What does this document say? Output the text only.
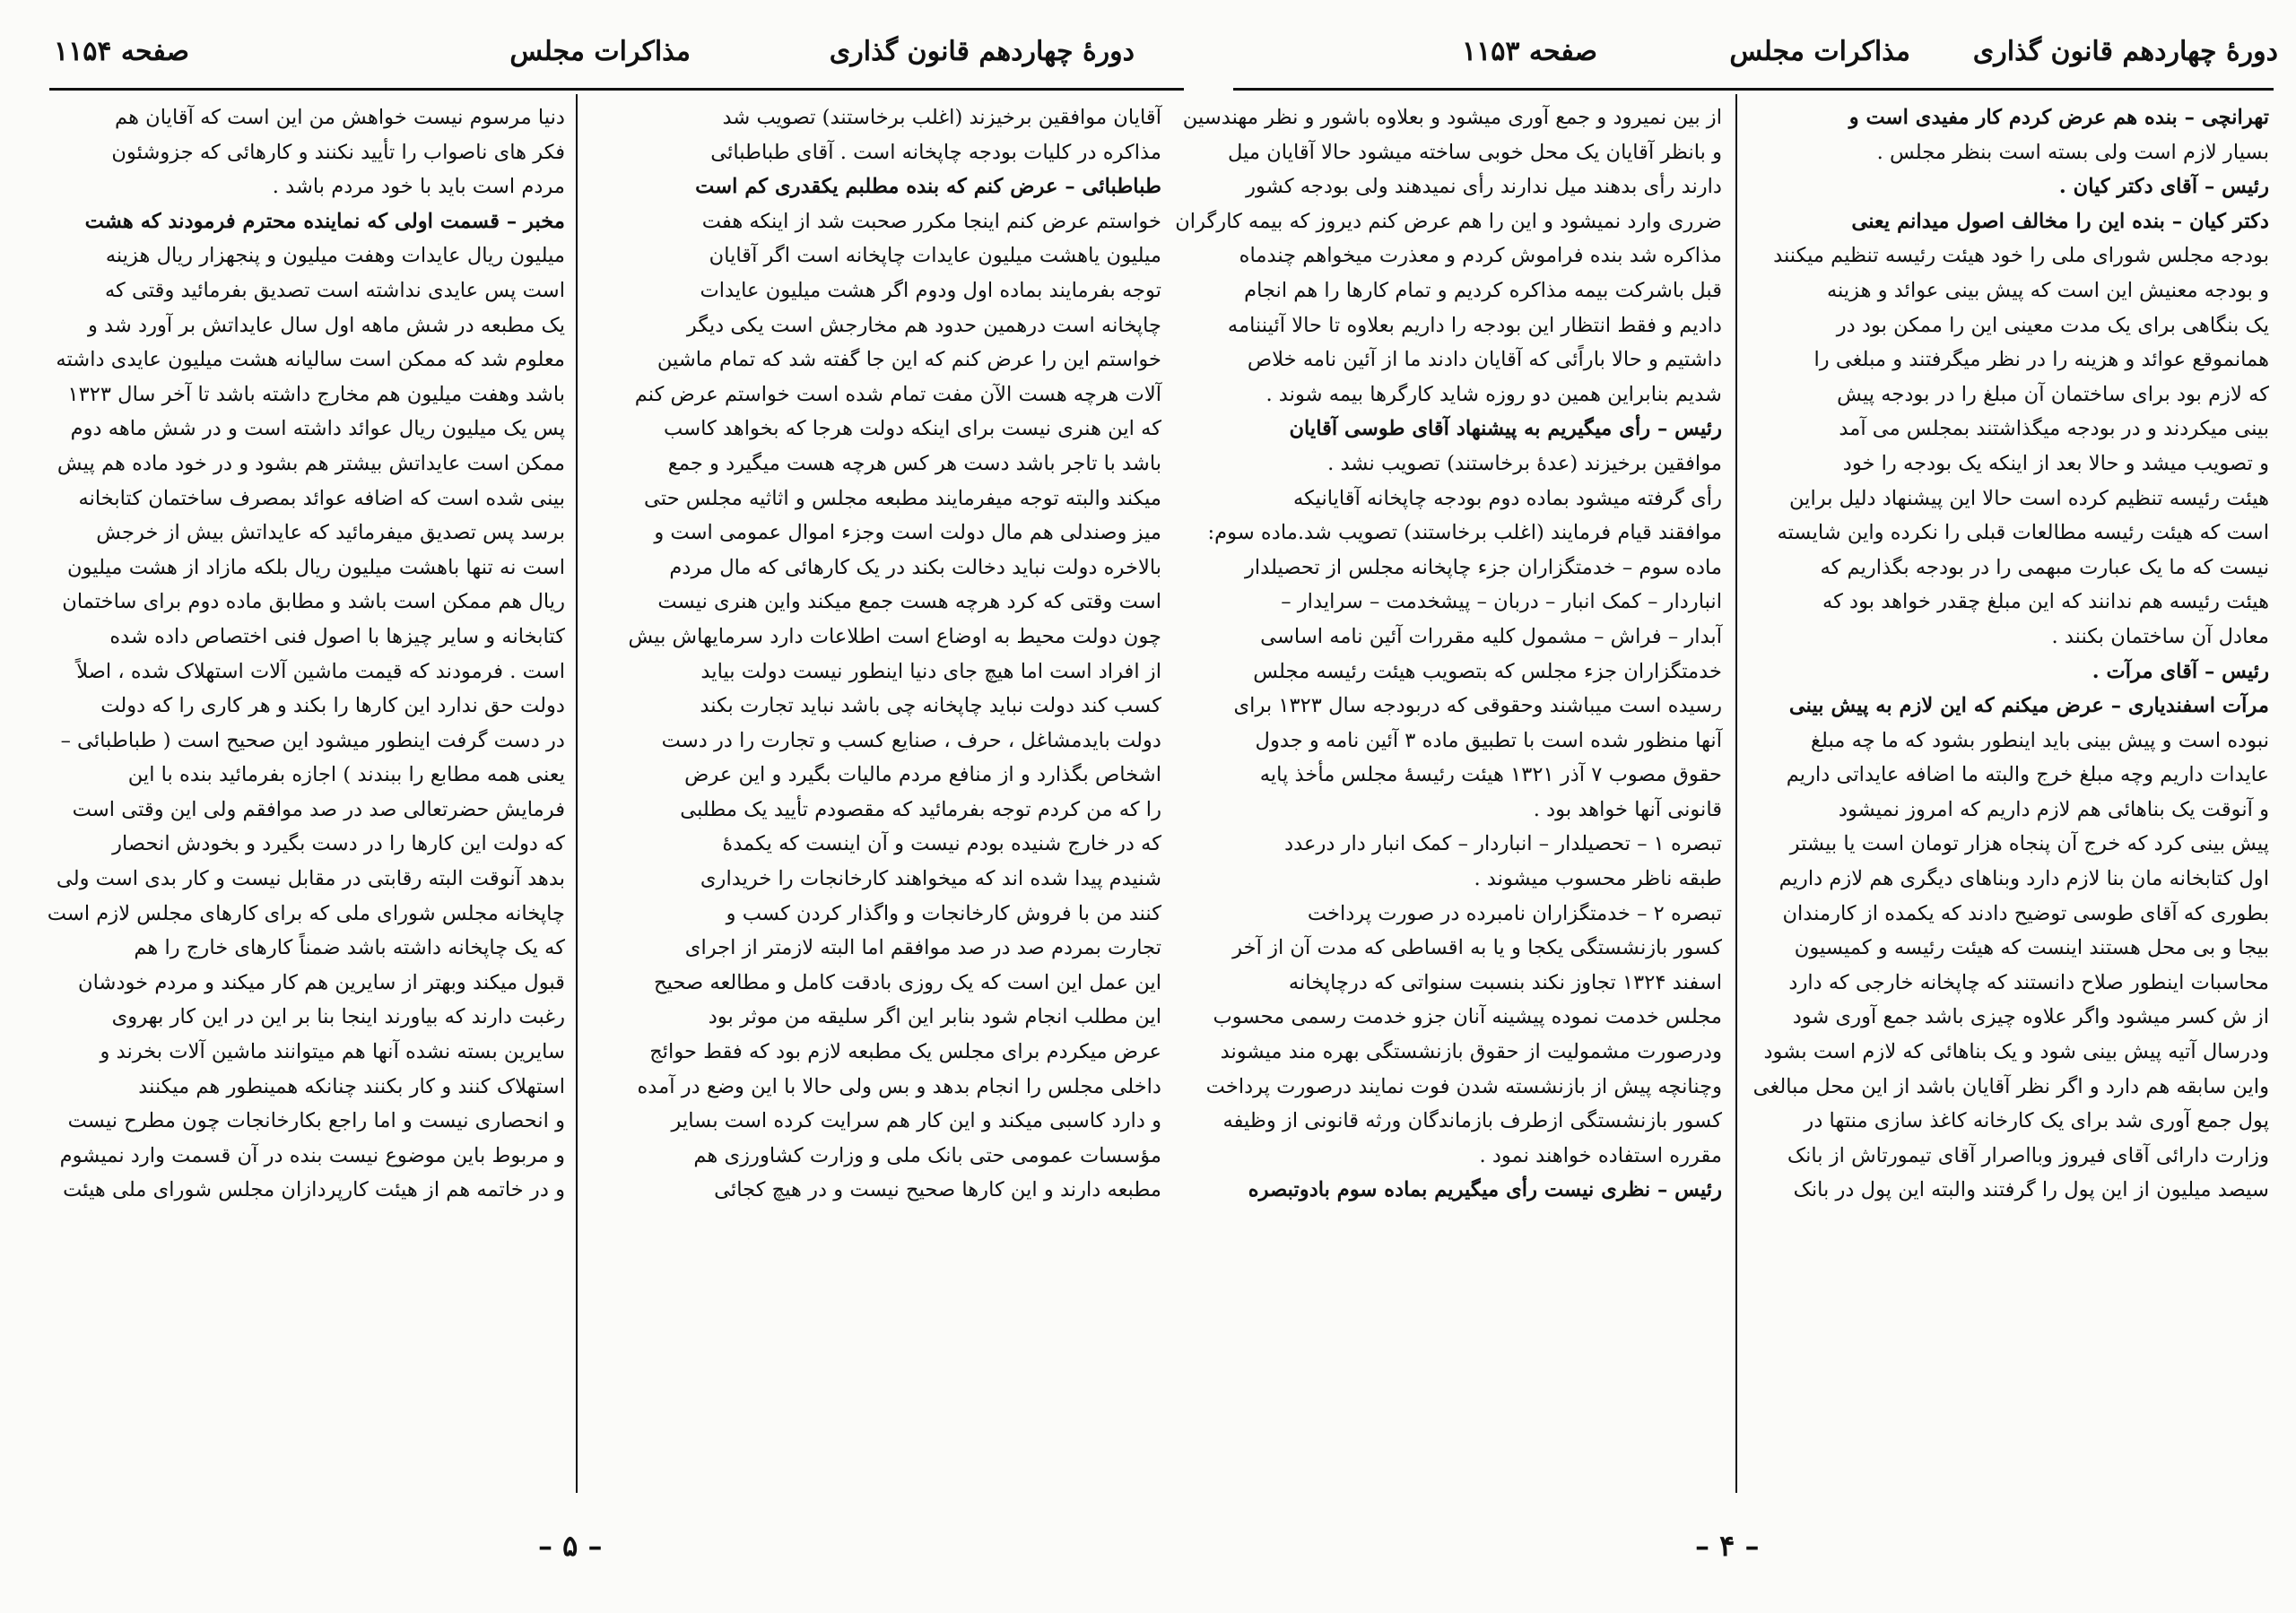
دورهٔ چهاردهم قانون گذاری
مذاکرات مجلس
صفحه ۱۱۵۴
آقایان موافقین برخیزند (اغلب برخاستند) تصویب شد
مذاکره در کلیات بودجه چاپخانه است . آقای طباطبائی
طباطبائی – عرض کنم که بنده مطلبم یکقدری کم است
خواستم عرض کنم اینجا مکرر صحبت شد از اینکه هفت
میلیون یاهشت میلیون عایدات چاپخانه است اگر آقایان
توجه بفرمایند بماده اول ودوم اگر هشت میلیون عایدات
چاپخانه است درهمین حدود هم مخارجش است یکی دیگر
خواستم این را عرض کنم که این جا گفته شد که تمام ماشین
آلات هرچه هست الآن مفت تمام شده است خواستم عرض کنم
که این هنری نیست برای اینکه دولت هرجا که بخواهد کاسب
باشد با تاجر باشد دست هر کس هرچه هست میگیرد و جمع
میکند والبته توجه میفرمایند مطبعه مجلس و اثاثیه مجلس حتی
میز وصندلی هم مال دولت است وجزء اموال عمومی است و
بالاخره دولت نباید دخالت بکند در یک کارهائی که مال مردم
است وقتی که کرد هرچه هست جمع میکند واین هنری نیست
چون دولت محیط به اوضاع است اطلاعات دارد سرمایهاش بیش
از افراد است اما هیچ جای دنیا اینطور نیست دولت بیاید
کسب کند دولت نباید چاپخانه چی باشد نباید تجارت بکند
دولت بایدمشاغل ، حرف ، صنایع کسب و تجارت را در دست
اشخاص بگذارد و از منافع مردم مالیات بگیرد و این عرض
را که من کردم توجه بفرمائید که مقصودم تأیید یک مطلبی
که در خارج شنیده بودم نیست و آن اینست که یکمدهٔ
شنیدم پیدا شده اند که میخواهند کارخانجات را خریداری
کنند من با فروش کارخانجات و واگذار کردن کسب و
تجارت بمردم صد در صد موافقم اما البته لازمتر از اجرای
این عمل این است که یک روزی بادقت کامل و مطالعه صحیح
این مطلب انجام شود بنابر این اگر سلیقه من موثر بود
عرض میکردم برای مجلس یک مطبعه لازم بود که فقط حوائج
داخلی مجلس را انجام بدهد و بس ولی حالا با این وضع در آمده
و دارد کاسبی میکند و این کار هم سرایت کرده است بسایر
مؤسسات عمومی حتی بانک ملی و وزارت کشاورزی هم
مطبعه دارند و این کارها صحیح نیست و در هیچ کجائی
دنیا مرسوم نیست خواهش من این است که آقایان هم
فکر های ناصواب را تأیید نکنند و کارهائی که جزوشئون
مردم است باید با خود مردم باشد .
مخبر – قسمت اولی که نماینده محترم فرمودند که هشت
میلیون ریال عایدات وهفت میلیون و پنجهزار ریال هزینه
است پس عایدی نداشته است تصدیق بفرمائید وقتی که
یک مطبعه در شش ماهه اول سال عایداتش بر آورد شد و
معلوم شد که ممکن است سالیانه هشت میلیون عایدی داشته
باشد وهفت میلیون هم مخارج داشته باشد تا آخر سال ۱۳۲۳
پس یک میلیون ریال عوائد داشته است و در شش ماهه دوم
ممکن است عایداتش بیشتر هم بشود و در خود ماده هم پیش
بینی شده است که اضافه عوائد بمصرف ساختمان کتابخانه
برسد پس تصدیق میفرمائید که عایداتش بیش از خرجش
است نه تنها باهشت میلیون ریال بلکه مازاد از هشت میلیون
ریال هم ممکن است باشد و مطابق ماده دوم برای ساختمان
کتابخانه و سایر چیزها با اصول فنی اختصاص داده شده
است . فرمودند که قیمت ماشین آلات استهلاک شده ، اصلاً
دولت حق ندارد این کارها را بکند و هر کاری را که دولت
در دست گرفت اینطور میشود این صحیح است ( طباطبائی –
یعنی همه مطابع را ببندند ) اجازه بفرمائید بنده با این
فرمایش حضرتعالی صد در صد موافقم ولی این وقتی است
که دولت این کارها را در دست بگیرد و بخودش انحصار
بدهد آنوقت البته رقابتی در مقابل نیست و کار بدی است ولی
چاپخانه مجلس شورای ملی که برای کارهای مجلس لازم است
که یک چاپخانه داشته باشد ضمناً کارهای خارج را هم
قبول میکند وبهتر از سایرین هم کار میکند و مردم خودشان
رغبت دارند که بیاورند اینجا بنا بر این در این کار بهروی
سایرین بسته نشده آنها هم میتوانند ماشین آلات بخرند و
استهلاک کنند و کار بکنند چنانکه همینطور هم میکنند
و انحصاری نیست و اما راجع بکارخانجات چون مطرح نیست
و مربوط باین موضوع نیست بنده در آن قسمت وارد نمیشوم
و در خاتمه هم از هیئت کارپردازان مجلس شورای ملی هیئت
– ۵ –
دورهٔ چهاردهم قانون گذاری
مذاکرات مجلس
صفحه ۱۱۵۳
تهرانچی – بنده هم عرض کردم کار مفیدی است و
بسیار لازم است ولی بسته است بنظر مجلس .
رئیس – آقای دکتر کیان .
دکتر کیان – بنده این را مخالف اصول میدانم یعنی
بودجه مجلس شورای ملی را خود هیئت رئیسه تنظیم میکنند
و بودجه معنیش این است که پیش بینی عوائد و هزینه
یک بنگاهی برای یک مدت معینی این را ممکن بود در
همانموقع عوائد و هزینه را در نظر میگرفتند و مبلغی را
که لازم بود برای ساختمان آن مبلغ را در بودجه پیش
بینی میکردند و در بودجه میگذاشتند بمجلس می آمد
و تصویب میشد و حالا بعد از اینکه یک بودجه را خود
هیئت رئیسه تنظیم کرده است حالا این پیشنهاد دلیل براین
است که هیئت رئیسه مطالعات قبلی را نکرده واین شایسته
نیست که ما یک عبارت مبهمی را در بودجه بگذاریم که
هیئت رئیسه هم ندانند که این مبلغ چقدر خواهد بود که
معادل آن ساختمان بکنند .
رئیس – آقای مرآت .
مرآت اسفندیاری – عرض میکنم که این لازم به پیش بینی
نبوده است و پیش بینی باید اینطور بشود که ما چه مبلغ
عایدات داریم وچه مبلغ خرج والبته ما اضافه عایداتی داریم
و آنوقت یک بناهائی هم لازم داریم که امروز نمیشود
پیش بینی کرد که خرج آن پنجاه هزار تومان است یا بیشتر
اول کتابخانه مان بنا لازم دارد وبناهای دیگری هم لازم داریم
بطوری که آقای طوسی توضیح دادند که یکمده از کارمندان
بیجا و بی محل هستند اینست که هیئت رئیسه و کمیسیون
محاسبات اینطور صلاح دانستند که چاپخانه خارجی که دارد
از ش کسر میشود واگر علاوه چیزی باشد جمع آوری شود
ودرسال آتیه پیش بینی شود و یک بناهائی که لازم است بشود
واین سابقه هم دارد و اگر نظر آقایان باشد از این محل مبالغی
پول جمع آوری شد برای یک کارخانه کاغذ سازی منتها در
وزارت دارائی آقای فیروز وبااصرار آقای تیمورتاش از بانک
سیصد میلیون از این پول را گرفتند والبته این پول در بانک
از بین نمیرود و جمع آوری میشود و بعلاوه باشور و نظر مهندسین
و بانظر آقایان یک محل خوبی ساخته میشود حالا آقایان میل
دارند رأی بدهند میل ندارند رأی نمیدهند ولی بودجه کشور
ضرری وارد نمیشود و این را هم عرض کنم دیروز که بیمه کارگران
مذاکره شد بنده فراموش کردم و معذرت میخواهم چندماه
قبل باشرکت بیمه مذاکره کردیم و تمام کارها را هم انجام
دادیم و فقط انتظار این بودجه را داریم بعلاوه تا حالا آئیننامه
داشتیم و حالا باراًئی که آقایان دادند ما از آئین نامه خلاص
شدیم بنابراین همین دو روزه شاید کارگرها بیمه شوند .
رئیس – رأی میگیریم به پیشنهاد آقای طوسی آقایان
موافقین برخیزند (عدهٔ برخاستند) تصویب نشد .
رأی گرفته میشود بماده دوم بودجه چاپخانه آقایانیکه
موافقند قیام فرمایند (اغلب برخاستند) تصویب شد.ماده سوم:
ماده سوم – خدمتگزاران جزء چاپخانه مجلس از تحصیلدار
انباردار – کمک انبار – دربان – پیشخدمت – سرایدار –
آبدار – فراش – مشمول کلیه مقررات آئین نامه اساسی
خدمتگزاران جزء مجلس که بتصویب هیئت رئیسه مجلس
رسیده است میباشند وحقوقی که دربودجه سال ۱۳۲۳ برای
آنها منظور شده است با تطبیق ماده ۳ آئین نامه و جدول
حقوق مصوب ۷ آذر ۱۳۲۱ هیئت رئیسهٔ مجلس مأخذ پایه
قانونی آنها خواهد بود .
تبصره ۱ – تحصیلدار – انباردار – کمک انبار دار درعدد
طبقه ناظر محسوب میشوند .
تبصره ۲ – خدمتگزاران نامبرده در صورت پرداخت
کسور بازنشستگی یکجا و یا به اقساطی که مدت آن از آخر
اسفند ۱۳۲۴ تجاوز نکند بنسبت سنواتی که درچاپخانه
مجلس خدمت نموده پیشینه آنان جزو خدمت رسمی محسوب
ودرصورت مشمولیت از حقوق بازنشستگی بهره مند میشوند
وچنانچه پیش از بازنشسته شدن فوت نمایند درصورت پرداخت
کسور بازنشستگی ازطرف بازماندگان ورثه قانونی از وظیفه
مقرره استفاده خواهند نمود .
رئیس – نظری نیست رأی میگیریم بماده سوم بادوتبصره
– ۴ –
